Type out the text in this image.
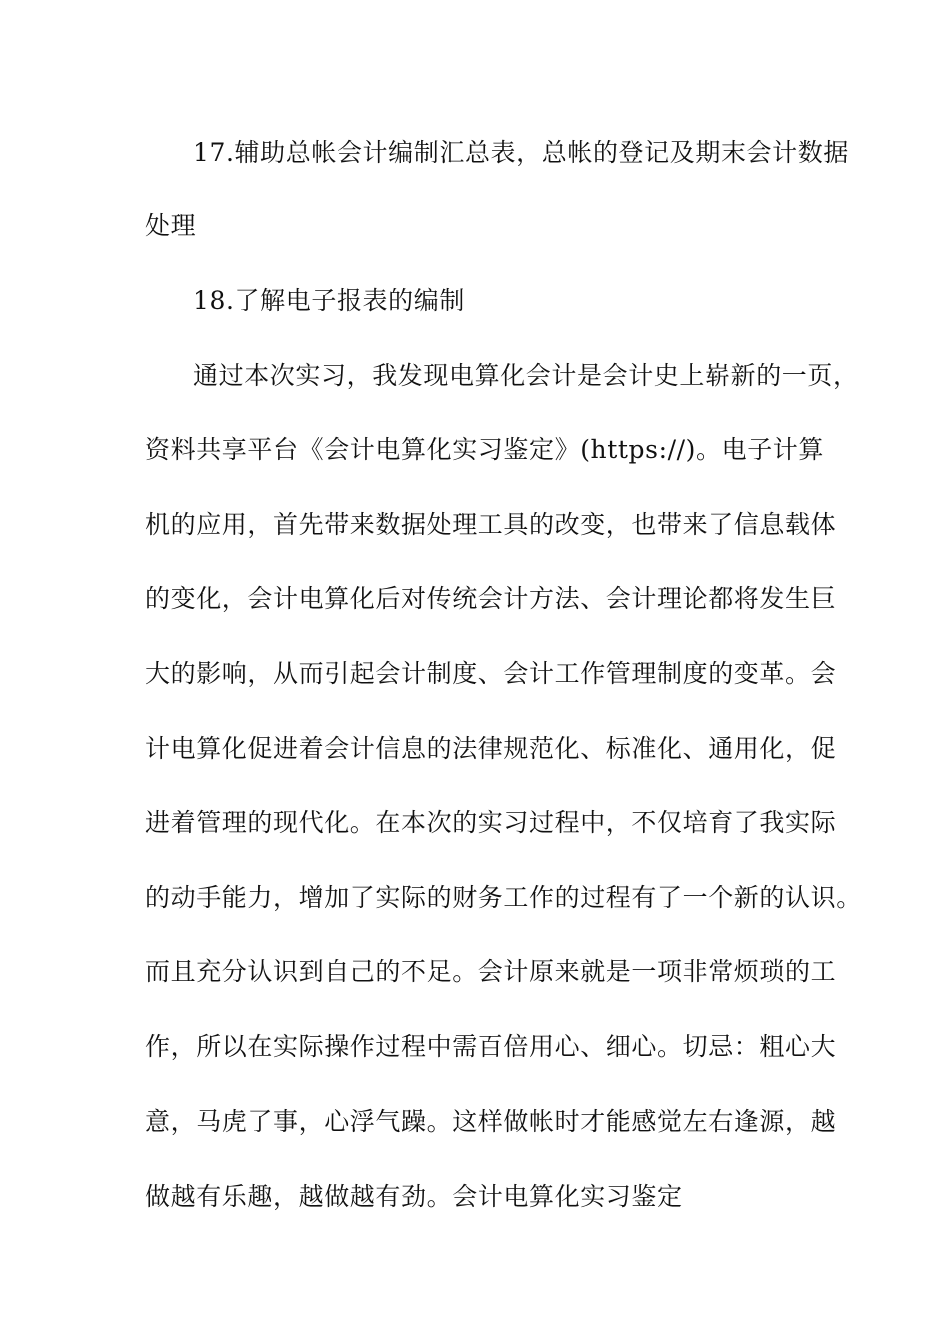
17.辅助总帐会计编制汇总表，总帐的登记及期末会计数据
处理
18.了解电子报表的编制
通过本次实习，我发现电算化会计是会计史上崭新的一页，
资料共享平台《会计电算化实习鉴定》(https://)。电子计算
机的应用，首先带来数据处理工具的改变，也带来了信息载体
的变化，会计电算化后对传统会计方法、会计理论都将发生巨
大的影响，从而引起会计制度、会计工作管理制度的变革。会
计电算化促进着会计信息的法律规范化、标准化、通用化，促
进着管理的现代化。在本次的实习过程中，不仅培育了我实际
的动手能力，增加了实际的财务工作的过程有了一个新的认识。
而且充分认识到自己的不足。会计原来就是一项非常烦琐的工
作，所以在实际操作过程中需百倍用心、细心。切忌：粗心大
意，马虎了事，心浮气躁。这样做帐时才能感觉左右逢源，越
做越有乐趣，越做越有劲。会计电算化实习鉴定
